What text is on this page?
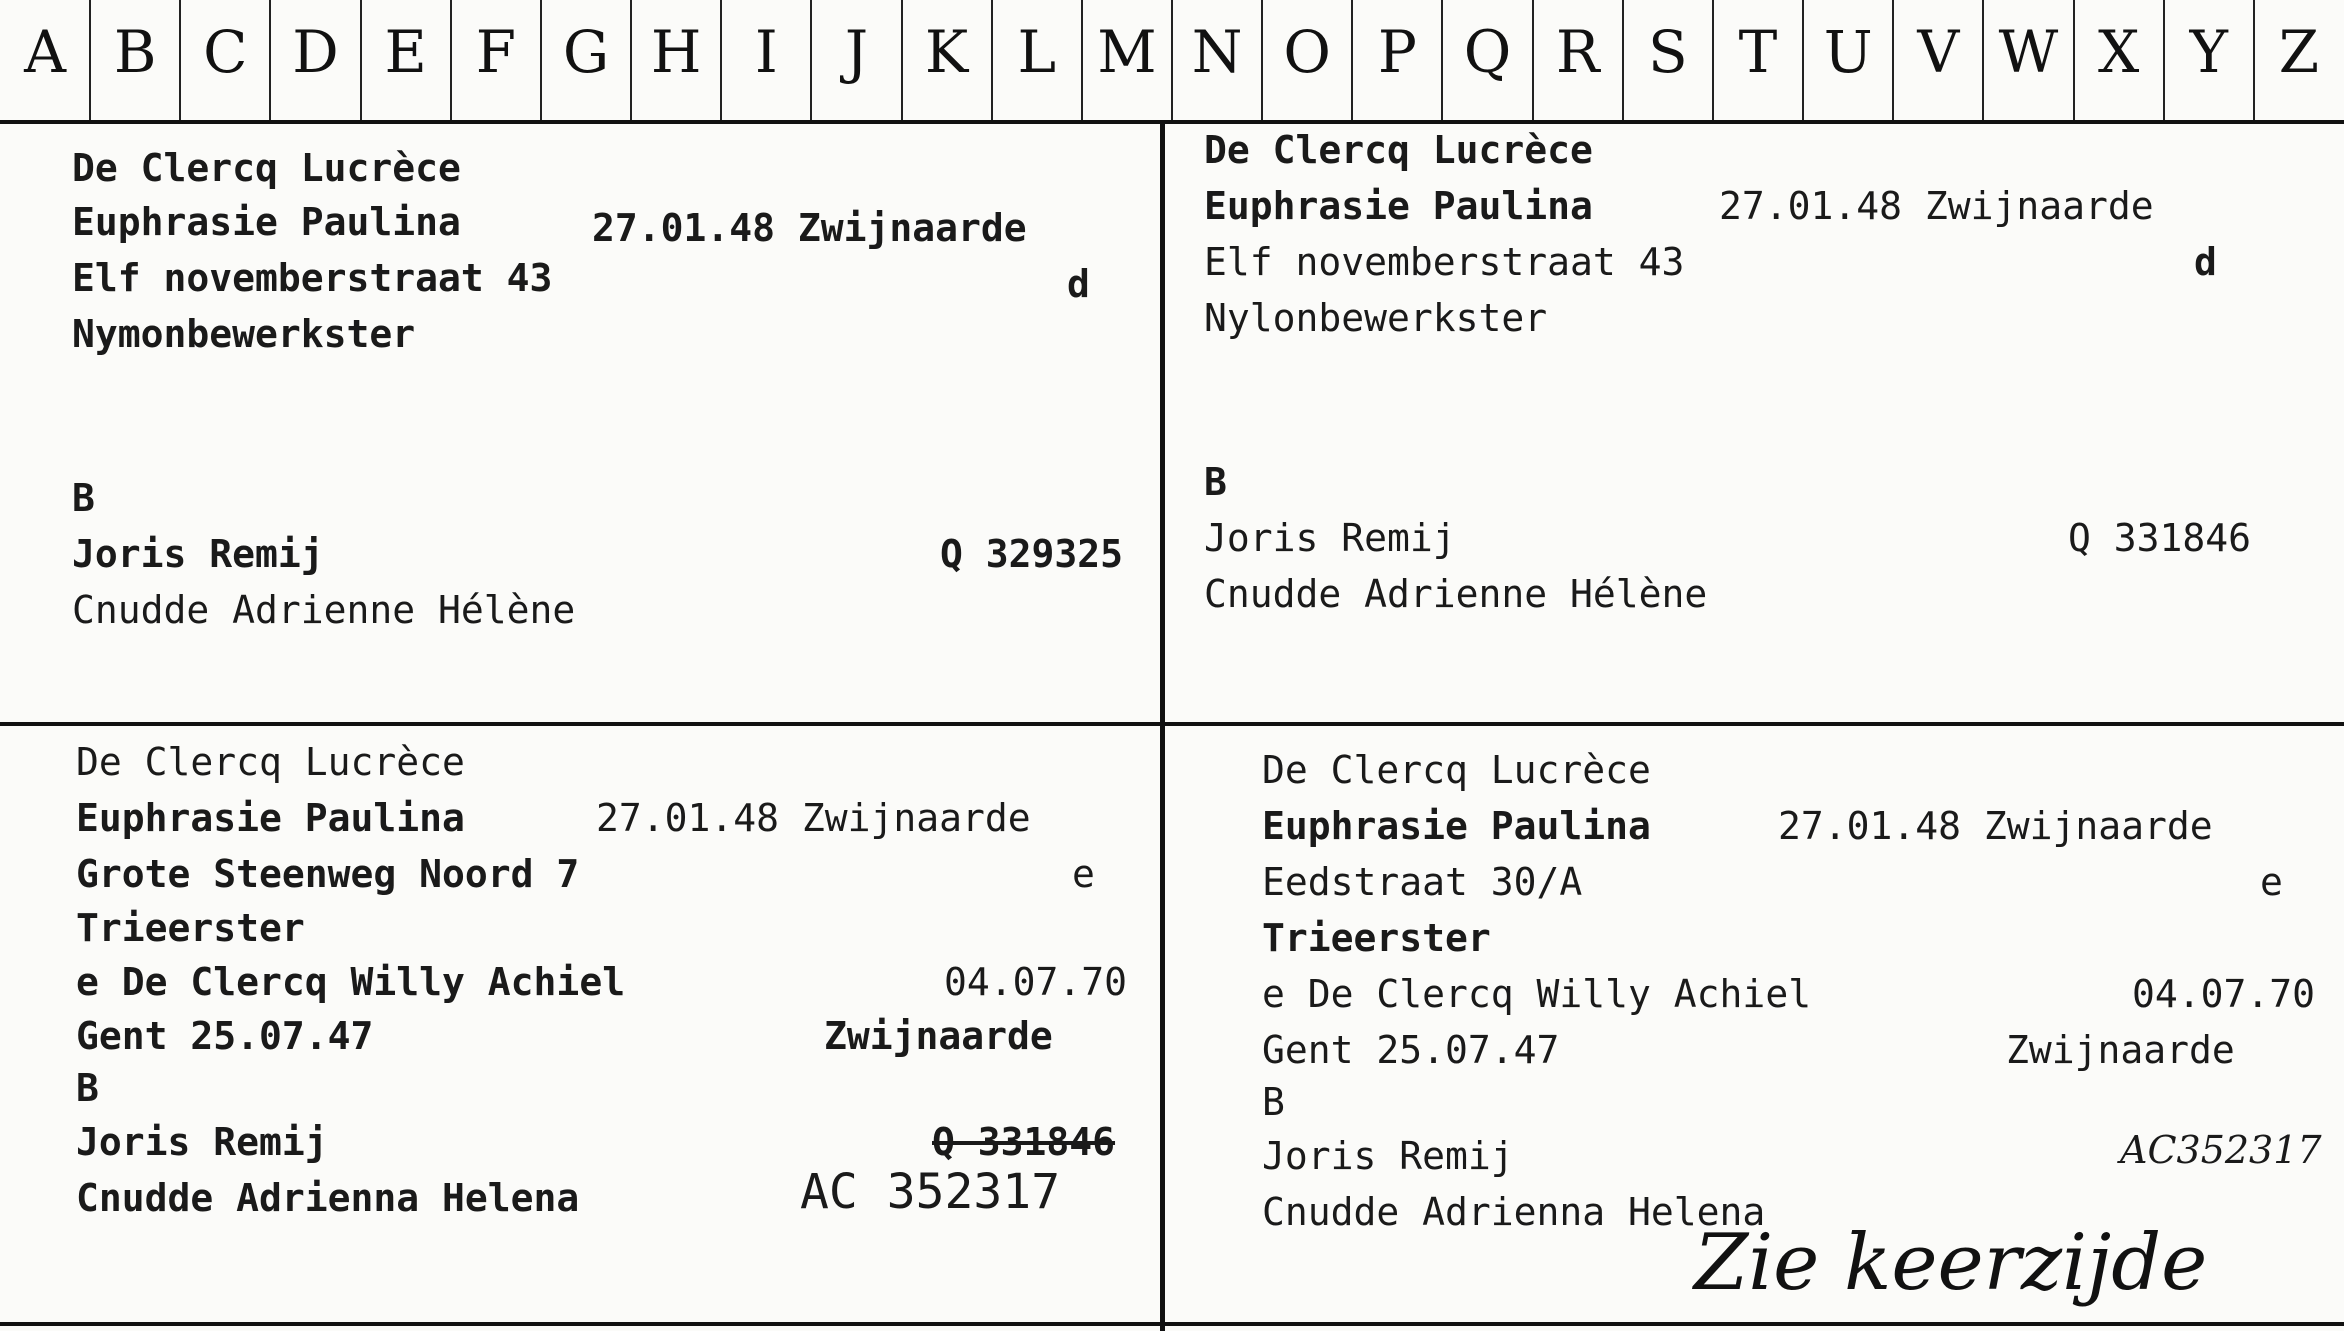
A B C D E F G H I	J K L M N O P Q R S T U V W X Y Z
De Clercq Lucrèce
Euphrasie Paulina	27.01.48 Zwijnaarde
Elf novemberstraat 43	d
Nymonbewerkster
B
Joris Remij	Q 329325
Cnudde Adrienne Hélène
De Clercq Lucrèce
Euphrasie Paulina	27.01.48 Zwijnaarde
Elf novemberstraat 43	d
Nylonbewerkster
B
Joris Remij	Q 331846
Cnudde Adrienne Hélène
De Clercq Lucrèce
Euphrasie Paulina	27.01.48 Zwijnaarde
Grote Steenweg Noord 7	e
Trieerster
e De Clercq Willy Achiel	04.07.70
Gent 25.07.47	Zwijnaarde
B
Joris Remij	Q 331846
Cnudde Adrienna Helena	AC 352317
De Clercq Lucrèce
Euphrasie Paulina	27.01.48 Zwijnaarde
Eedstraat 30/A	e
Trieerster
e De Clercq Willy Achiel	04.07.70
Gent 25.07.47	Zwijnaarde
B
Joris Remij	AC352317
Cnudde Adrienna Helena
Zie keerzijde
